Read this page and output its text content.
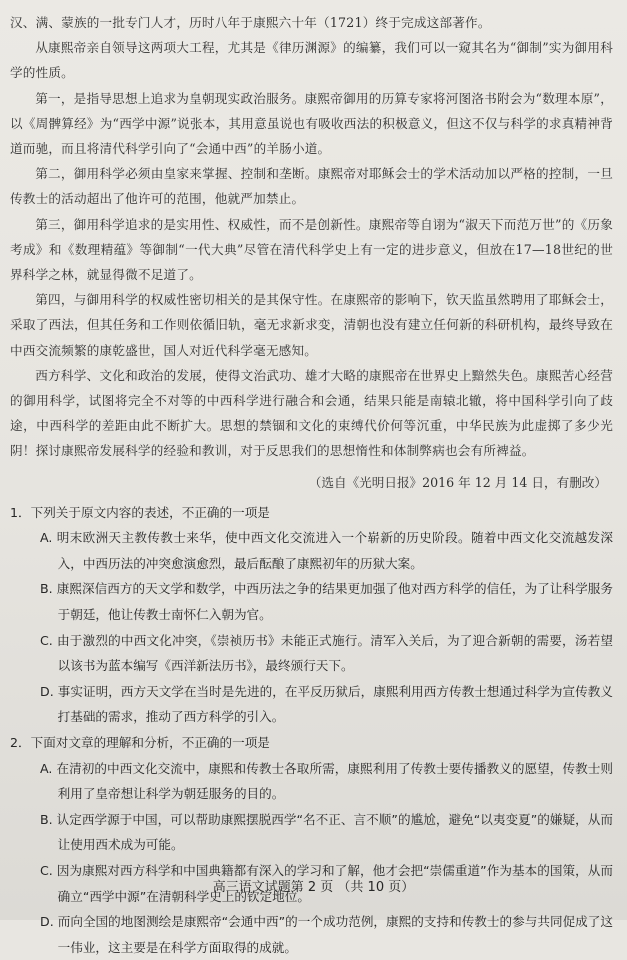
汉、满、蒙族的一批专门人才，历时八年于康熙六十年（1721）终于完成这部著作。

从康熙帝亲自领导这两项大工程，尤其是《律历渊源》的编纂，我们可以一窥其名为“御制”实为御用科学的性质。

第一，是指导思想上追求为皇朝现实政治服务。康熙帝御用的历算专家将河图洛书附会为“数理本原”，以《周髀算经》为“西学中源”说张本，其用意虽说也有吸收西法的积极意义，但这不仅与科学的求真精神背道而驰，而且将清代科学引向了“会通中西”的羊肠小道。

第二，御用科学必须由皇家来掌握、控制和垄断。康熙帝对耶稣会士的学术活动加以严格的控制，一旦传教士的活动超出了他许可的范围，他就严加禁止。

第三，御用科学追求的是实用性、权威性，而不是创新性。康熙帝等自诩为“淑天下而范万世”的《历象考成》和《数理精蕴》等御制“一代大典”尽管在清代科学史上有一定的进步意义，但放在17—18世纪的世界科学之林，就显得微不足道了。

第四，与御用科学的权威性密切相关的是其保守性。在康熙帝的影响下，钦天监虽然聘用了耶稣会士，采取了西法，但其任务和工作则依循旧轨，毫无求新求变，清朝也没有建立任何新的科研机构，最终导致在中西交流频繁的康乾盛世，国人对近代科学毫无感知。

西方科学、文化和政治的发展，使得文治武功、雄才大略的康熙帝在世界史上黯然失色。康熙苦心经营的御用科学，试图将完全不对等的中西科学进行融合和会通，结果只能是南辕北辙，将中国科学引向了歧途，中西科学的差距由此不断扩大。思想的禁锢和文化的束缚代价何等沉重，中华民族为此虚掷了多少光阴！探讨康熙帝发展科学的经验和教训，对于反思我们的思想惰性和体制弊病也会有所裨益。

（选自《光明日报》2016 年 12 月 14 日，有删改）

1．下列关于原文内容的表述，不正确的一项是

A. 明末欧洲天主教传教士来华，使中西文化交流进入一个崭新的历史阶段。随着中西文化交流越发深入，中西历法的冲突愈演愈烈，最后酝酿了康熙初年的历狱大案。

B. 康熙深信西方的天文学和数学，中西历法之争的结果更加强了他对西方科学的信任，为了让科学服务于朝廷，他让传教士南怀仁入朝为官。

C. 由于激烈的中西文化冲突，《崇祯历书》未能正式施行。清军入关后，为了迎合新朝的需要，汤若望以该书为蓝本编写《西洋新法历书》，最终颁行天下。

D. 事实证明，西方天文学在当时是先进的，在平反历狱后，康熙利用西方传教士想通过科学为宣传教义打基础的需求，推动了西方科学的引入。

2．下面对文章的理解和分析，不正确的一项是

A. 在清初的中西文化交流中，康熙和传教士各取所需，康熙利用了传教士要传播教义的愿望，传教士则利用了皇帝想让科学为朝廷服务的目的。

B. 认定西学源于中国，可以帮助康熙摆脱西学“名不正、言不顺”的尴尬，避免“以夷变夏”的嫌疑，从而让使用西术成为可能。

C. 因为康熙对西方科学和中国典籍都有深入的学习和了解，他才会把“崇儒重道”作为基本的国策，从而确立“西学中源”在清朝科学史上的钦定地位。

D. 而向全国的地图测绘是康熙帝“会通中西”的一个成功范例，康熙的支持和传教士的参与共同促成了这一伟业，这主要是在科学方面取得的成就。

高三语文试题第 2 页 （共 10 页）
